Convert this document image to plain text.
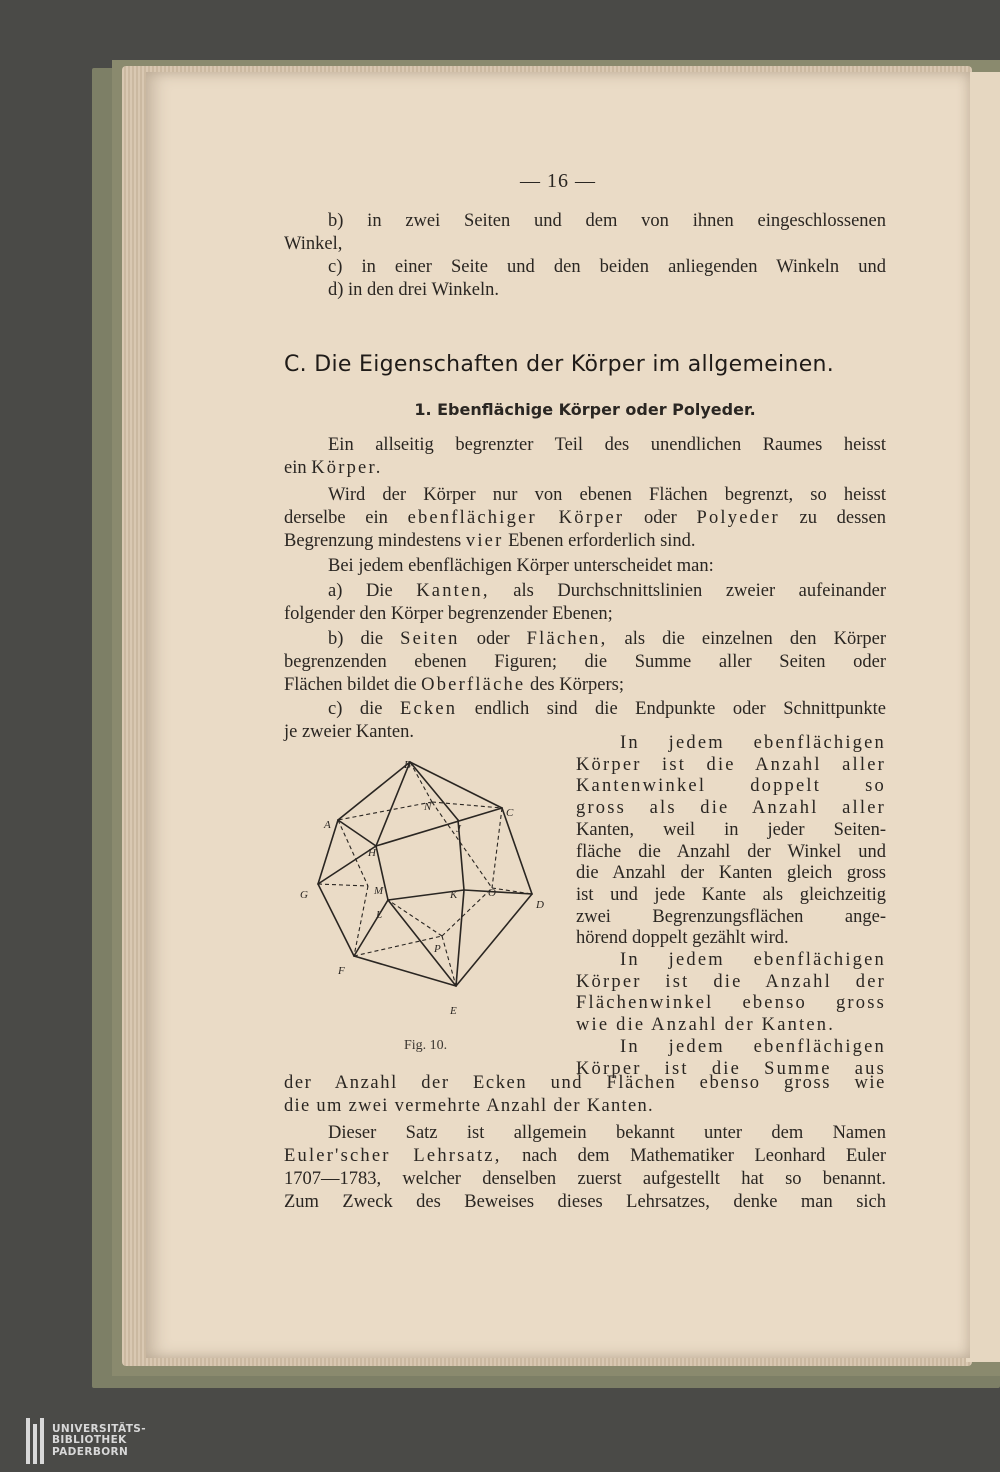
— 16 —
b) in zwei Seiten und dem von ihnen eingeschlossenen
Winkel,
c) in einer Seite und den beiden anliegenden Winkeln und
d) in den drei Winkeln.
C. Die Eigenschaften der Körper im allgemeinen.
1. Ebenflächige Körper oder Polyeder.
Ein allseitig begrenzter Teil des unendlichen Raumes heisst
ein Körper.
Wird der Körper nur von ebenen Flächen begrenzt, so heisst
derselbe ein ebenflächiger Körper oder Polyeder zu dessen
Begrenzung mindestens vier Ebenen erforderlich sind.
Bei jedem ebenflächigen Körper unterscheidet man:
a) Die Kanten, als Durchschnittslinien zweier aufeinander
folgender den Körper begrenzender Ebenen;
b) die Seiten oder Flächen, als die einzelnen den Körper
begrenzenden ebenen Figuren; die Summe aller Seiten oder
Flächen bildet die Oberfläche des Körpers;
c) die Ecken endlich sind die Endpunkte oder Schnittpunkte
je zweier Kanten.
In jedem ebenflächigen
Körper ist die Anzahl aller
Kantenwinkel doppelt so
gross als die Anzahl aller
Kanten, weil in jeder Seiten-
fläche die Anzahl der Winkel und
die Anzahl der Kanten gleich gross
ist und jede Kante als gleichzeitig
zwei Begrenzungsflächen ange-
hörend doppelt gezählt wird.
In jedem ebenflächigen
Körper ist die Anzahl der
Flächenwinkel ebenso gross
wie die Anzahl der Kanten.
In jedem ebenflächigen
Körper ist die Summe aus
B
C
A
N
J
H
G	M	K	O
D
L
P
F
E
Fig. 10.
der Anzahl der Ecken und Flächen ebenso gross wie
die um zwei vermehrte Anzahl der Kanten.
Dieser Satz ist allgemein bekannt unter dem Namen
Euler'scher Lehrsatz, nach dem Mathematiker Leonhard Euler
1707—1783, welcher denselben zuerst aufgestellt hat so benannt.
Zum Zweck des Beweises dieses Lehrsatzes, denke man sich
UNIVERSITÄTS-
BIBLIOTHEK
PADERBORN
